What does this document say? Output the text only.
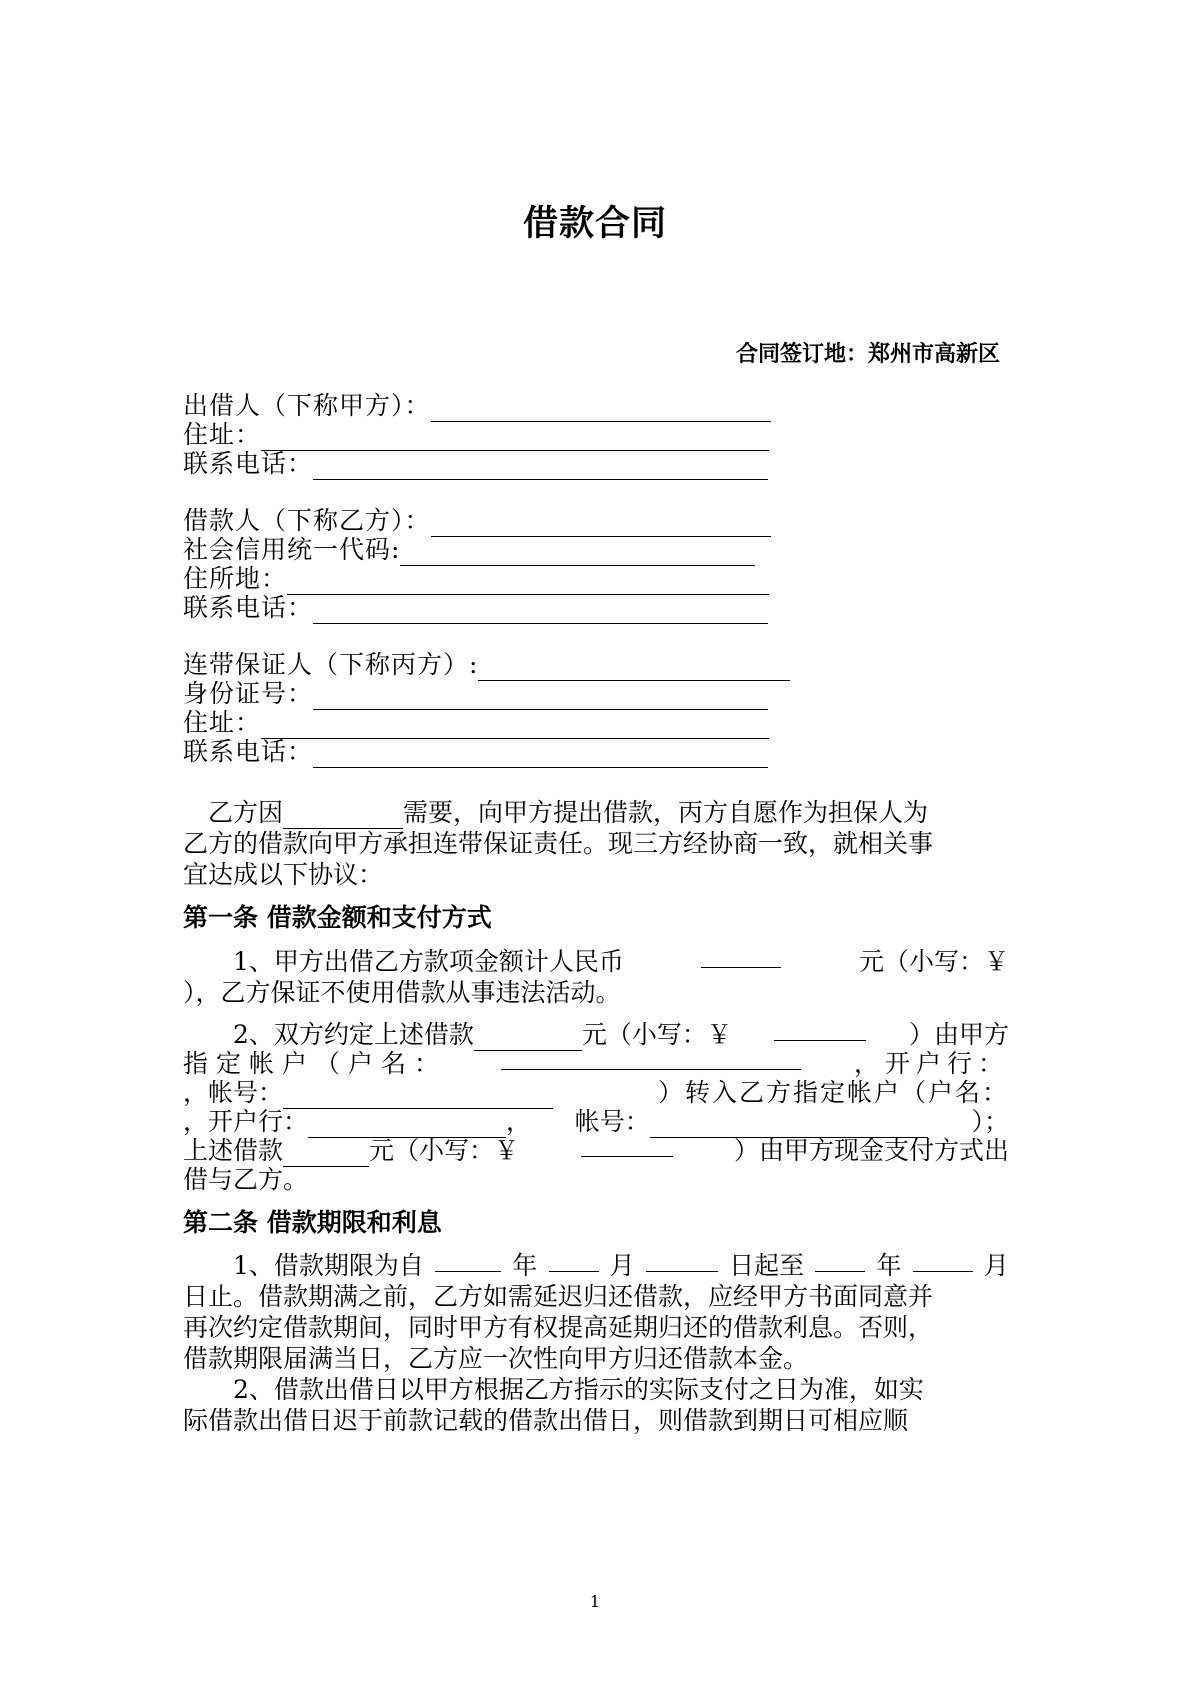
借款合同
合同签订地：郑州市高新区
出借人（下称甲方）：
住址：
联系电话：
借款人（下称乙方）：
社会信用统一代码:
住所地：
联系电话：
连带保证人（下称丙方）:
身份证号：
住址：
联系电话：
乙方因	需要，向甲方提出借款，丙方自愿作为担保人为
乙方的借款向甲方承担连带保证责任。现三方经协商一致，就相关事
宜达成以下协议：
第一条 借款金额和支付方式
1、甲方出借乙方款项金额计人民币	元（小写：￥
），乙方保证不使用借款从事违法活动。
2、双方约定上述借款	元（小写：￥	）由甲方
指定帐户（户名：	，开户行：
，帐号：	）转入乙方指定帐户（户名：
，开户行：	， 帐号：	）；
上述借款	元（小写：￥	）由甲方现金支付方式出
借与乙方。
第二条 借款期限和利息
1、借款期限为自	年	月	日起至	年	月
日止。借款期满之前，乙方如需延迟归还借款，应经甲方书面同意并
再次约定借款期间，同时甲方有权提高延期归还的借款利息。否则，
借款期限届满当日，乙方应一次性向甲方归还借款本金。
2、借款出借日以甲方根据乙方指示的实际支付之日为准，如实
际借款出借日迟于前款记载的借款出借日，则借款到期日可相应顺
1
